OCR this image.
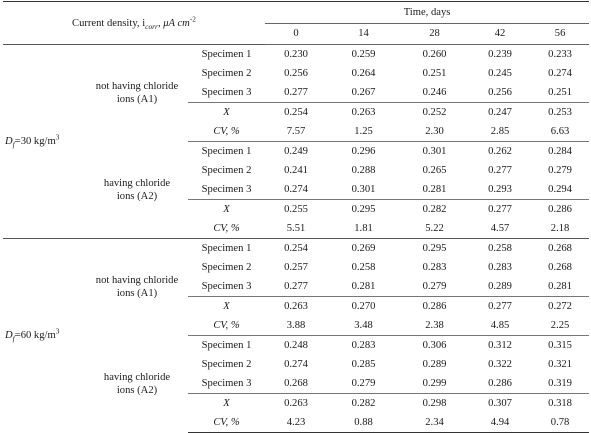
Current density, $i_{corr}$, μA $cm^{-2}$			Time, days				
			0	14	28	42	56
$D_f=30$ $kg/m^3$	not having chloride
ions (A1)	Specimen 1	0.230	0.259	0.260	0.239	0.233
		Specimen 2	0.256	0.264	0.251	0.245	0.274
		Specimen 3	0.277	0.267	0.246	0.256	0.251
		X	0.254	0.263	0.252	0.247	0.253
		CV, %	7.57	1.25	2.30	2.85	6.63

	having chloride
ions (A2)	Specimen 1	0.249	0.296	0.301	0.262	0.284
		Specimen 2	0.241	0.288	0.265	0.277	0.279
		Specimen 3	0.274	0.301	0.281	0.293	0.294
		X	0.255	0.295	0.282	0.277	0.286
		CV, %	5.51	1.81	5.22	4.57	2.18
$D_f=60$ $kg/m^3$	not having chloride
ions (A1)	Specimen 1	0.254	0.269	0.295	0.258	0.268
		Specimen 2	0.257	0.258	0.283	0.283	0.268
		Specimen 3	0.277	0.281	0.279	0.289	0.281
		X	0.263	0.270	0.286	0.277	0.272
		CV, %	3.88	3.48	2.38	4.85	2.25

	having chloride
ions (A2)	Specimen 1	0.248	0.283	0.306	0.312	0.315
		Specimen 2	0.274	0.285	0.289	0.322	0.321
		Specimen 3	0.268	0.279	0.299	0.286	0.319
		X	0.263	0.282	0.298	0.307	0.318
		CV, %	4.23	0.88	2.34	4.94	0.78
